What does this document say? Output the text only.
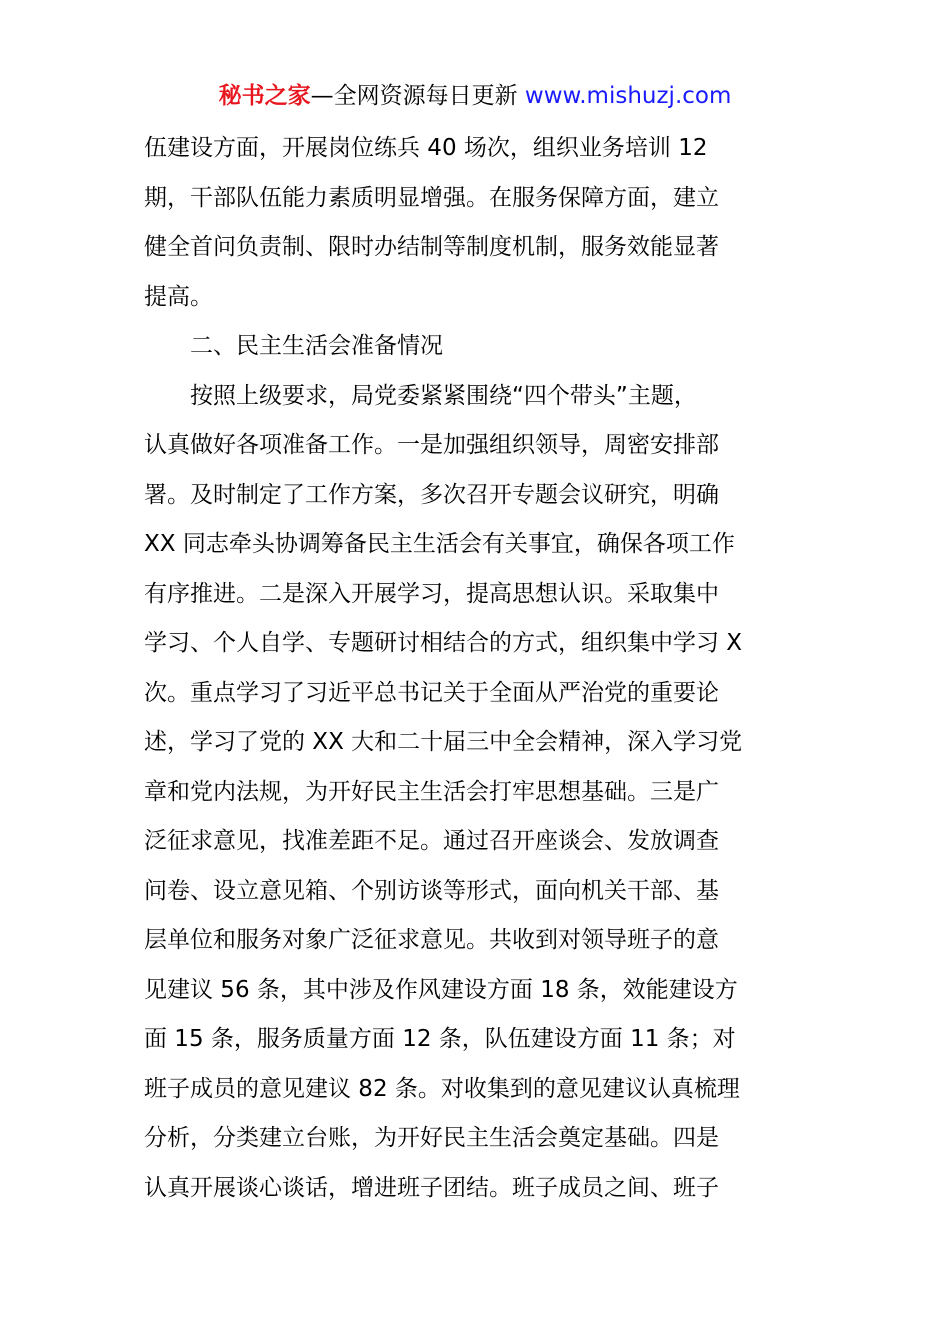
秘书之家—全网资源每日更新 www.mishuzj.com
伍建设方面，开展岗位练兵 40 场次，组织业务培训 12
期，干部队伍能力素质明显增强。在服务保障方面，建立
健全首问负责制、限时办结制等制度机制，服务效能显著
提高。
　　二、民主生活会准备情况
　　按照上级要求，局党委紧紧围绕“四个带头”主题，
认真做好各项准备工作。一是加强组织领导，周密安排部
署。及时制定了工作方案，多次召开专题会议研究，明确
XX 同志牵头协调筹备民主生活会有关事宜，确保各项工作
有序推进。二是深入开展学习，提高思想认识。采取集中
学习、个人自学、专题研讨相结合的方式，组织集中学习 X
次。重点学习了习近平总书记关于全面从严治党的重要论
述，学习了党的 XX 大和二十届三中全会精神，深入学习党
章和党内法规，为开好民主生活会打牢思想基础。三是广
泛征求意见，找准差距不足。通过召开座谈会、发放调查
问卷、设立意见箱、个别访谈等形式，面向机关干部、基
层单位和服务对象广泛征求意见。共收到对领导班子的意
见建议 56 条，其中涉及作风建设方面 18 条，效能建设方
面 15 条，服务质量方面 12 条，队伍建设方面 11 条；对
班子成员的意见建议 82 条。对收集到的意见建议认真梳理
分析，分类建立台账，为开好民主生活会奠定基础。四是
认真开展谈心谈话，增进班子团结。班子成员之间、班子
